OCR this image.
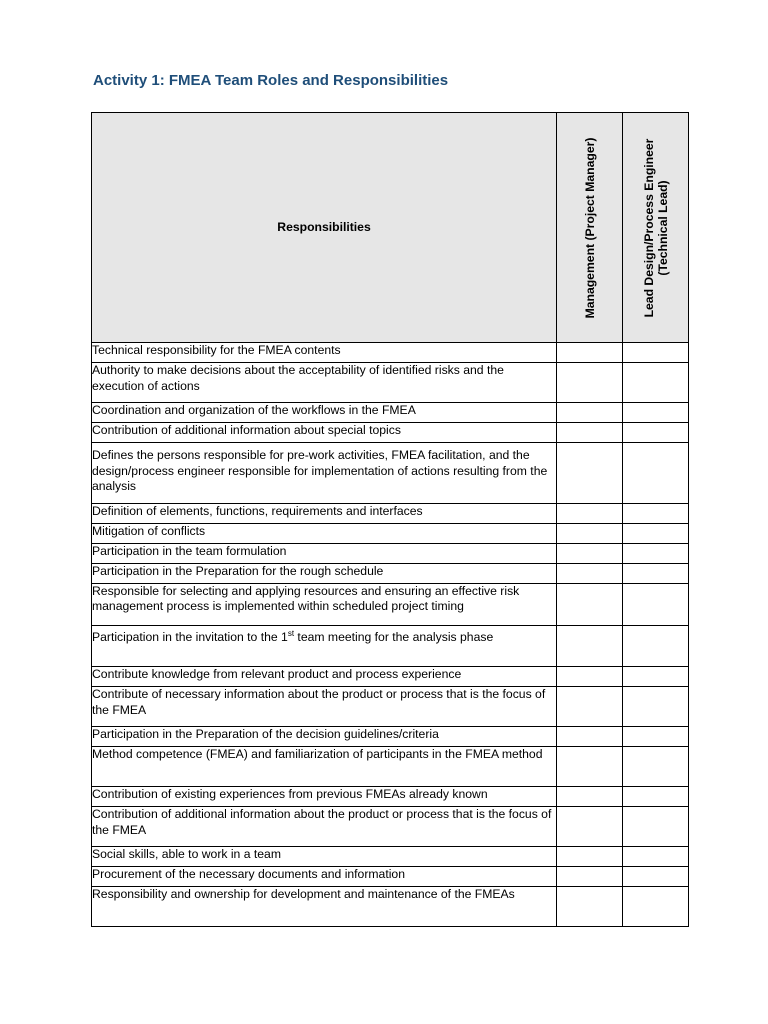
Activity 1: FMEA Team Roles and Responsibilities
Responsibilities	Management (Project Manager)	Lead Design/Process Engineer (Technical Lead)

Technical responsibility for the FMEA contents		
Authority to make decisions about the acceptability of identified risks and the execution of actions		
Coordination and organization of the workflows in the FMEA		
Contribution of additional information about special topics		
Defines the persons responsible for pre-work activities, FMEA facilitation, and the design/process engineer responsible for implementation of actions resulting from the analysis		
Definition of elements, functions, requirements and interfaces		
Mitigation of conflicts		
Participation in the team formulation		
Participation in the Preparation for the rough schedule		
Responsible for selecting and applying resources and ensuring an effective risk management process is implemented within scheduled project timing		
Participation in the invitation to the 1st team meeting for the analysis phase		
Contribute knowledge from relevant product and process experience		
Contribute of necessary information about the product or process that is the focus of the FMEA		
Participation in the Preparation of the decision guidelines/criteria		
Method competence (FMEA) and familiarization of participants in the FMEA method		
Contribution of existing experiences from previous FMEAs already known		
Contribution of additional information about the product or process that is the focus of the FMEA		
Social skills, able to work in a team		
Procurement of the necessary documents and information		
Responsibility and ownership for development and maintenance of the FMEAs		
